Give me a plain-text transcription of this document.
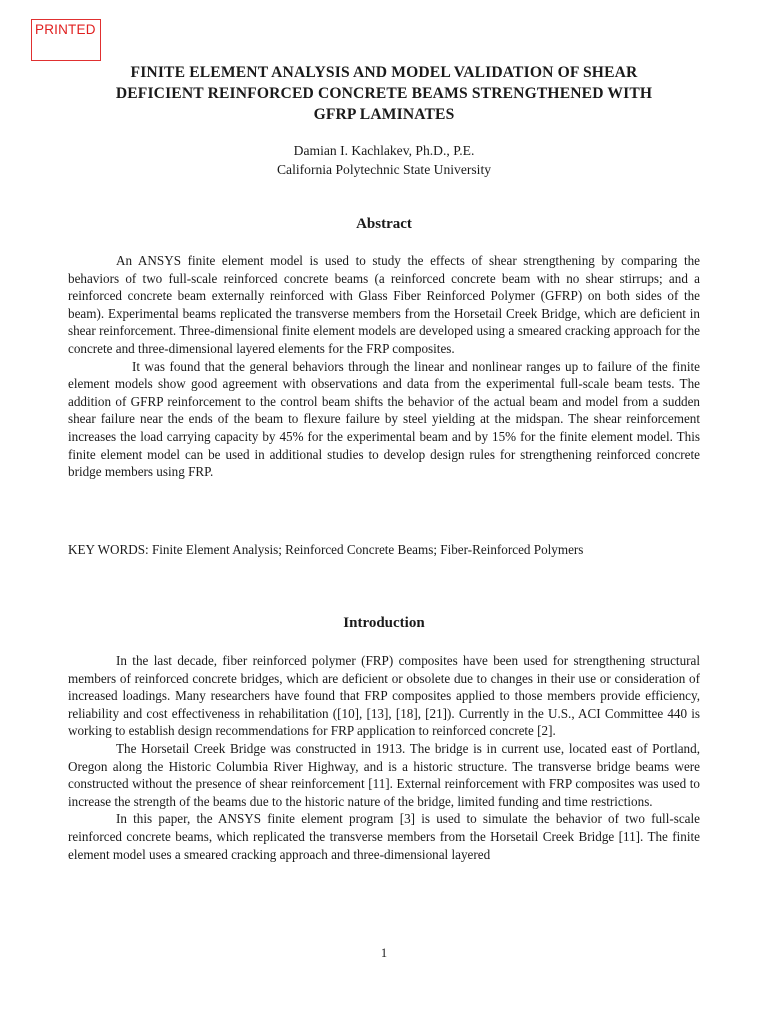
PRINTED
FINITE ELEMENT ANALYSIS AND MODEL VALIDATION OF SHEAR
DEFICIENT REINFORCED CONCRETE BEAMS STRENGTHENED WITH
GFRP LAMINATES
Damian I. Kachlakev, Ph.D., P.E.
California Polytechnic State University
Abstract

An ANSYS finite element model is used to study the effects of shear strengthening by comparing the behaviors of two full-scale reinforced concrete beams (a reinforced concrete beam with no shear stirrups; and a reinforced concrete beam externally reinforced with Glass Fiber Reinforced Polymer (GFRP) on both sides of the beam). Experimental beams replicated the transverse members from the Horsetail Creek Bridge, which are deficient in shear reinforcement. Three-dimensional finite element models are developed using a smeared cracking approach for the concrete and three-dimensional layered elements for the FRP composites.

It was found that the general behaviors through the linear and nonlinear ranges up to failure of the finite element models show good agreement with observations and data from the experimental full-scale beam tests. The addition of GFRP reinforcement to the control beam shifts the behavior of the actual beam and model from a sudden shear failure near the ends of the beam to flexure failure by steel yielding at the midspan. The shear reinforcement increases the load carrying capacity by 45% for the experimental beam and by 15% for the finite element model. This finite element model can be used in additional studies to develop design rules for strengthening reinforced concrete bridge members using FRP.

KEY WORDS: Finite Element Analysis; Reinforced Concrete Beams; Fiber-Reinforced Polymers
Introduction

In the last decade, fiber reinforced polymer (FRP) composites have been used for strengthening structural members of reinforced concrete bridges, which are deficient or obsolete due to changes in their use or consideration of increased loadings. Many researchers have found that FRP composites applied to those members provide efficiency, reliability and cost effectiveness in rehabilitation ([10], [13], [18], [21]). Currently in the U.S., ACI Committee 440 is working to establish design recommendations for FRP application to reinforced concrete [2].

The Horsetail Creek Bridge was constructed in 1913. The bridge is in current use, located east of Portland, Oregon along the Historic Columbia River Highway, and is a historic structure. The transverse bridge beams were constructed without the presence of shear reinforcement [11]. External reinforcement with FRP composites was used to increase the strength of the beams due to the historic nature of the bridge, limited funding and time restrictions.

In this paper, the ANSYS finite element program [3] is used to simulate the behavior of two full-scale reinforced concrete beams, which replicated the transverse members from the Horsetail Creek Bridge [11]. The finite element model uses a smeared cracking approach and three-dimensional layered

1
